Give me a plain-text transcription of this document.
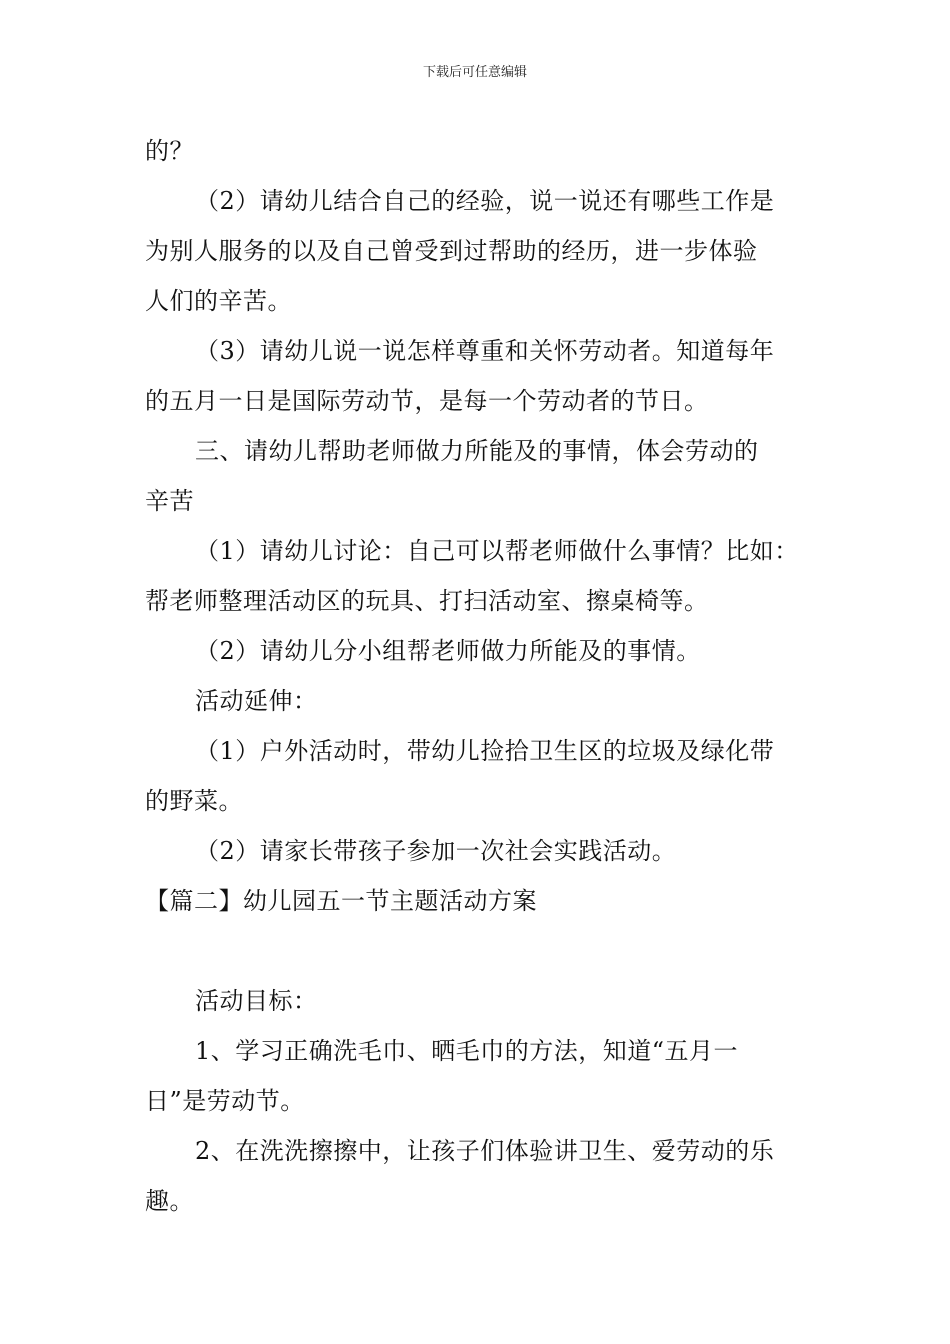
下载后可任意编辑
的？
（2）请幼儿结合自己的经验，说一说还有哪些工作是
为别人服务的以及自己曾受到过帮助的经历，进一步体验
人们的辛苦。
（3）请幼儿说一说怎样尊重和关怀劳动者。知道每年
的五月一日是国际劳动节，是每一个劳动者的节日。
三、请幼儿帮助老师做力所能及的事情，体会劳动的
辛苦
（1）请幼儿讨论：自己可以帮老师做什么事情？比如：
帮老师整理活动区的玩具、打扫活动室、擦桌椅等。
（2）请幼儿分小组帮老师做力所能及的事情。
活动延伸：
（1）户外活动时，带幼儿捡拾卫生区的垃圾及绿化带
的野菜。
（2）请家长带孩子参加一次社会实践活动。
【篇二】幼儿园五一节主题活动方案
活动目标：
1、学习正确洗毛巾、晒毛巾的方法，知道“五月一
日”是劳动节。
2、在洗洗擦擦中，让孩子们体验讲卫生、爱劳动的乐
趣。
